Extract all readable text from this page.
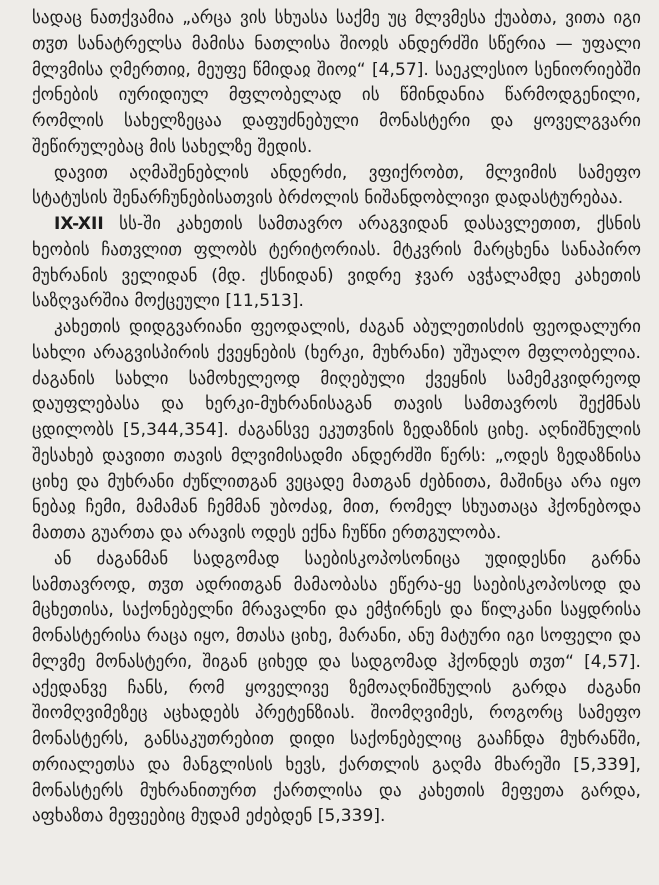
სადაც ნათქვამია „არცა ვის სხუასა საქმე უც მლვმესა ქუაბთა, ვითა იგი თჳთ სანატრელსა მამისა ნათლისა შიოჲს ანდერძში სწერია — უფალი მლვმისა ღმერთიჲ, მეუფე წმიდაჲ შიოჲ“ [4,57]. საეკლესიო სენიორიებში ქონების იურიდიულ მფლობელად ის წმინდანია წარმოდგენილი, რომლის სახელზეცაა დაფუძნებული მონასტერი და ყოველგვარი შეწირულებაც მის სახელზე შედის.

დავით აღმაშენებლის ანდერძი, ვფიქრობთ, მლვიმის სამეფო სტატუსის შენარჩუნებისათვის ბრძოლის ნიშანდობლივი დადასტურებაა.

IX-XII სს-ში კახეთის სამთავრო არაგვიდან დასავლეთით, ქსნის ხეობის ჩათვლით ფლობს ტერიტორიას. მტკვრის მარცხენა სანაპირო მუხრანის ველიდან (მდ. ქსნიდან) ვიდრე ჯვარ ავჭალამდე კახეთის საზღვარშია მოქცეული [11,513].

კახეთის დიდგვარიანი ფეოდალის, ძაგან აბულეთისძის ფეოდალური სახლი არაგვისპირის ქვეყნების (ხერკი, მუხრანი) უშუალო მფლობელია. ძაგანის სახლი სამოხელეოდ მიღებული ქვეყნის სამემკვიდრეოდ დაუფლებასა და ხერკი-მუხრანისაგან თავის სამთავროს შექმნას ცდილობს [5,344,354]. ძაგანსვე ეკუთვნის ზედაზნის ციხე. აღნიშნულის შესახებ დავითი თავის მლვიმისადმი ანდერძში წერს: „ოდეს ზედაზნისა ციხე და მუხრანი ძუწლითგან ვეცადე მათგან ძებნითა, მაშინცა არა იყო ნებაჲ ჩემი, მამამან ჩემმან უბოძაჲ, მით, რომელ სხუათაცა ჰქონებოდა მათთა გუართა და არავის ოდეს ექნა ჩუწნი ერთგულობა.

ან ძაგანმან სადგომად საებისკოპოსონიცა უდიდესნი გარნა სამთავროდ, თჳთ ადრითგან მამაობასა ეწერა-ყე საებისკოპოსოდ და მცხეთისა, საქონებელნი მრავალნი და ემჭირნეს და წილკანი საყდრისა მონასტერისა რაცა იყო, მთასა ციხე, მარანი, ანუ მატური იგი სოფელი და მლვმე მონასტერი, შიგან ციხედ და სადგომად ჰქონდეს თჳთ“ [4,57]. აქედანვე ჩანს, რომ ყოველივე ზემოაღნიშნულის გარდა ძაგანი შიომღვიმეზეც აცხადებს პრეტენზიას. შიომღვიმეს, როგორც სამეფო მონასტერს, განსაკუთრებით დიდი საქონებელიც გააჩნდა მუხრანში, თრიალეთსა და მანგლისის ხევს, ქართლის გაღმა მხარეში [5,339], მონასტერს მუხრანითურთ ქართლისა და კახეთის მეფეთა გარდა, აფხაზთა მეფეებიც მუდამ ეძებდენ [5,339].
